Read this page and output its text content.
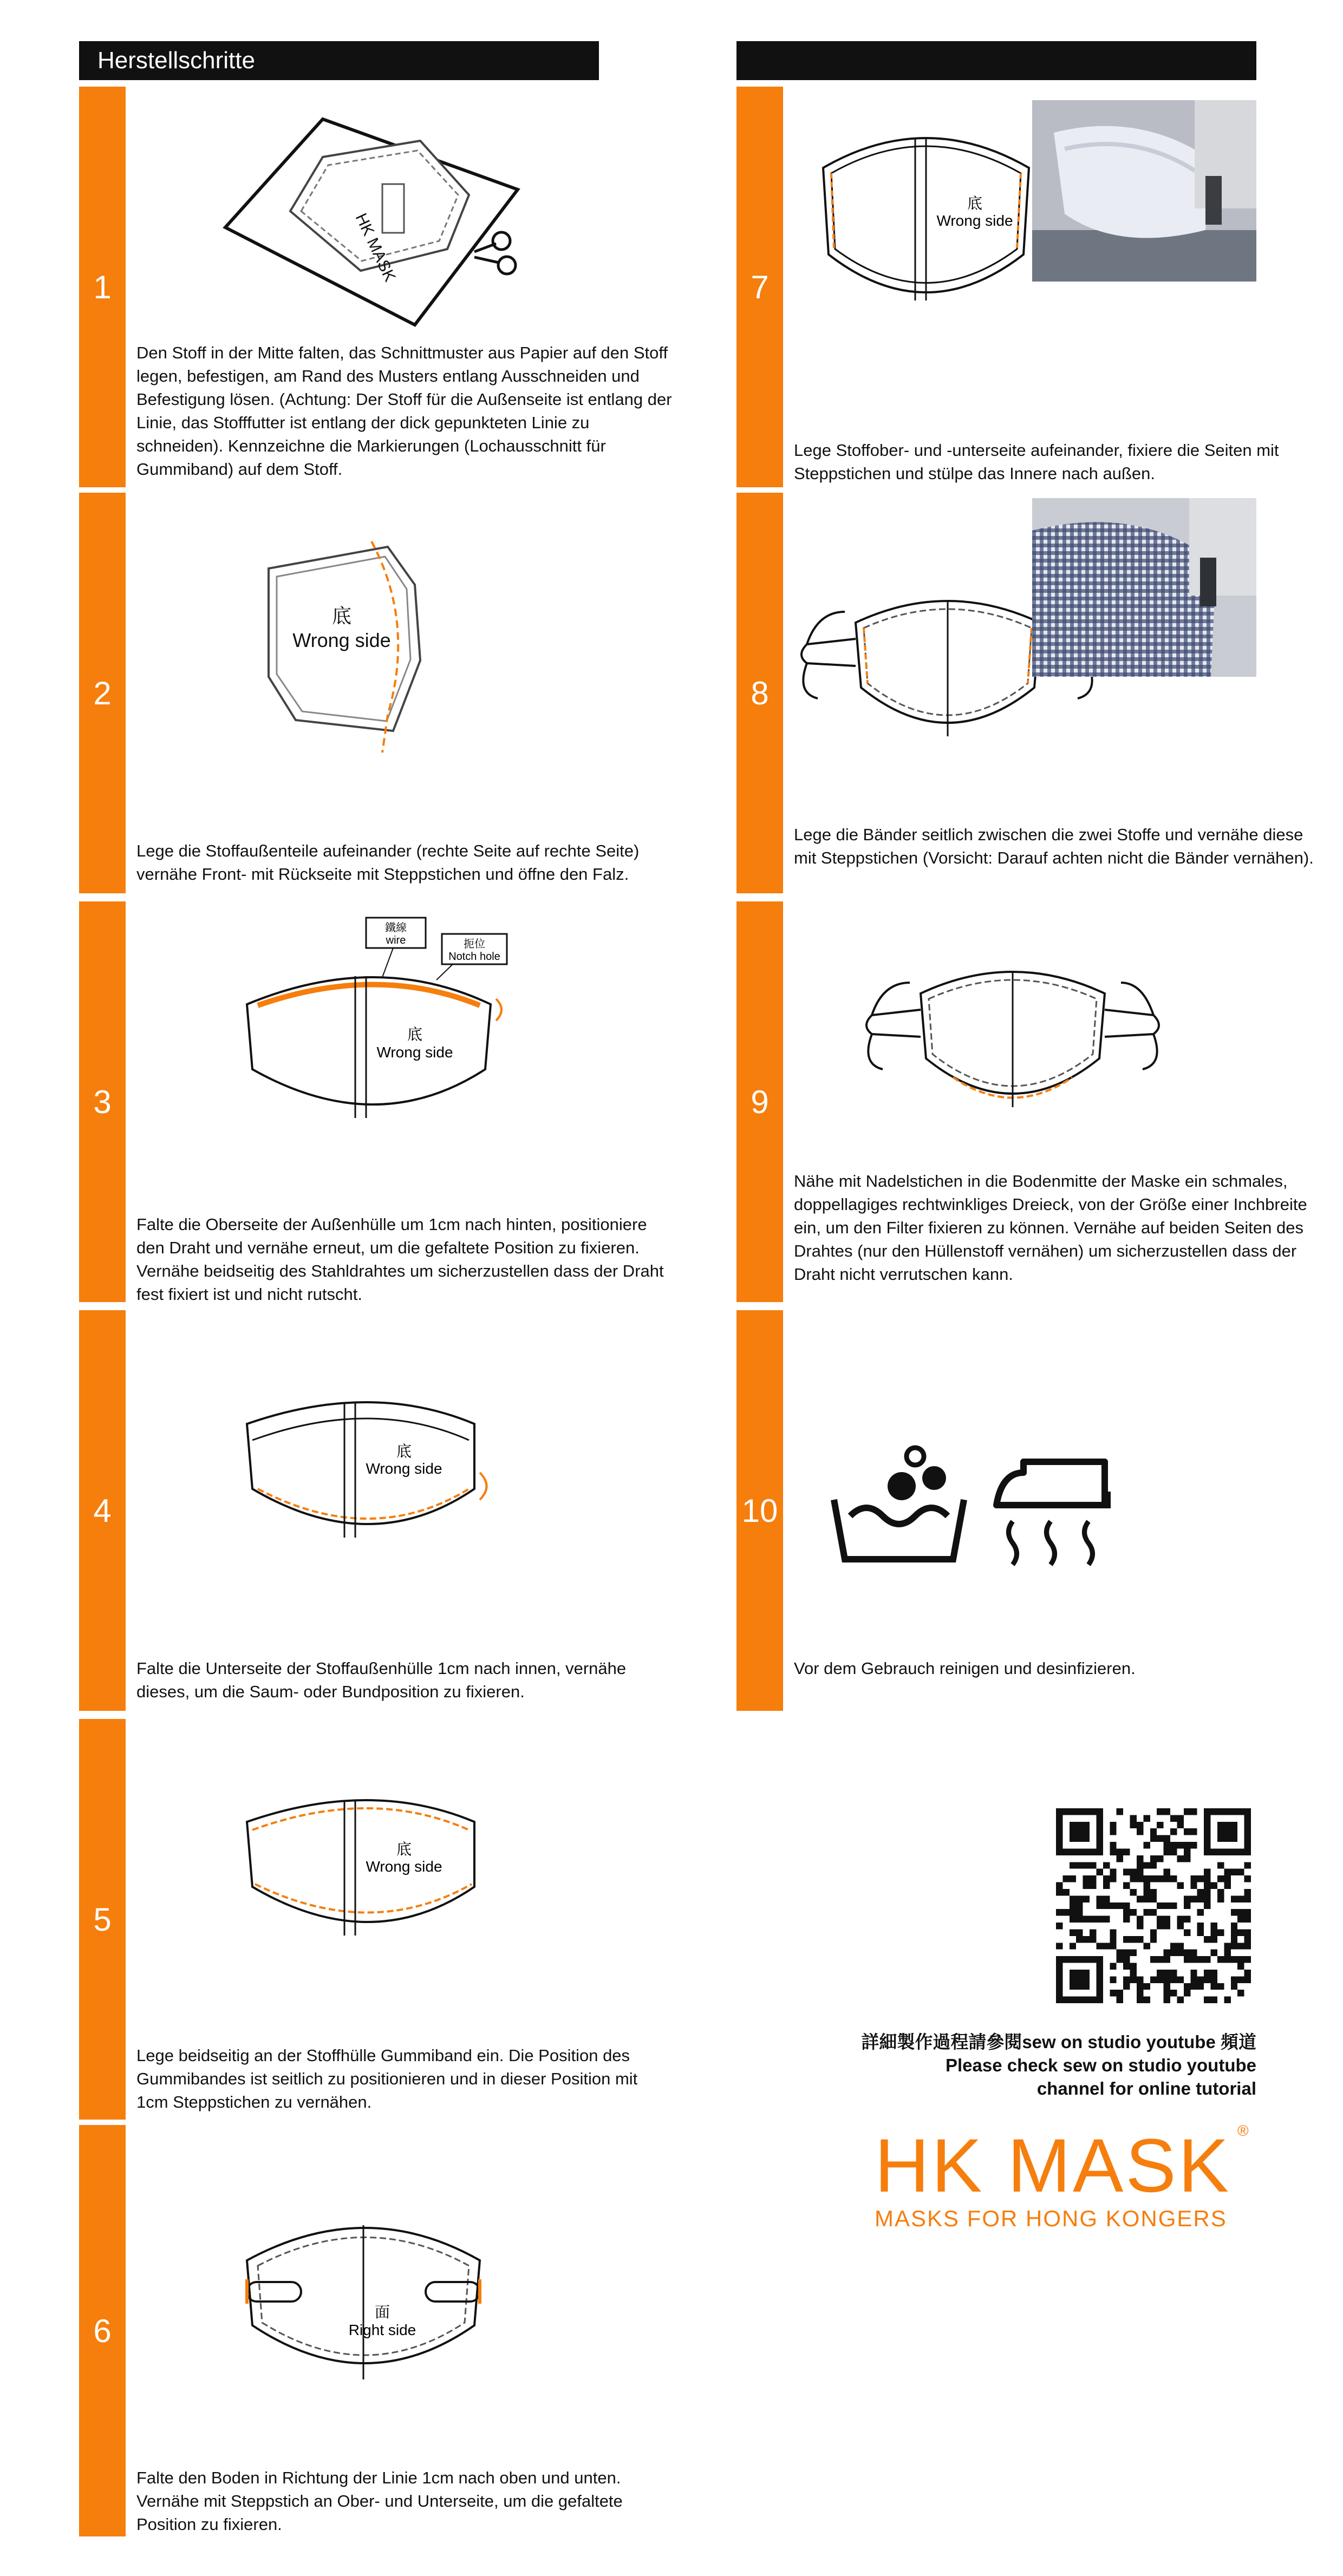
Herstellschritte
1
HK MASK
Den Stoff in der Mitte falten, das Schnittmuster aus Papier auf den Stoff legen, befestigen, am Rand des Musters entlang Ausschneiden und Befestigung lösen. (Achtung: Der Stoff für die Außenseite ist entlang der Linie, das Stofffutter ist entlang der dick gepunkteten Linie zu schneiden). Kennzeichne die Markierungen (Lochausschnitt für Gummiband) auf dem Stoff.
2
底
Wrong side
Lege die Stoffaußenteile aufeinander (rechte Seite auf rechte Seite) vernähe Front- mit Rückseite mit Steppstichen und öffne den Falz.
3
鐵線
wire	扼位
Notch hole
底
Wrong side
Falte die Oberseite der Außenhülle um 1cm nach hinten, positioniere den Draht und vernähe erneut, um die gefaltete Position zu fixieren. Vernähe beidseitig des Stahldrahtes um sicherzustellen dass der Draht fest fixiert ist und nicht rutscht.
4
底
Wrong side
Falte die Unterseite der Stoffaußenhülle 1cm nach innen, vernähe dieses, um die Saum- oder Bundposition zu fixieren.
5
底
Wrong side
Lege beidseitig an der Stoffhülle Gummiband ein. Die Position des Gummibandes ist seitlich zu positionieren und in dieser Position mit 1cm Steppstichen zu vernähen.
6
面
Right side
Falte den Boden in Richtung der Linie 1cm nach oben und unten. Vernähe mit Steppstich an Ober- und Unterseite, um die gefaltete Position zu fixieren.
7
底
Wrong side
Lege Stoffober- und -unterseite aufeinander, fixiere die Seiten mit Steppstichen und stülpe das Innere nach außen.
8
Lege die Bänder seitlich zwischen die zwei Stoffe und vernähe diese mit Steppstichen (Vorsicht: Darauf achten nicht die Bänder vernähen).
9
Nähe mit Nadelstichen in die Bodenmitte der Maske ein schmales, doppellagiges rechtwinkliges Dreieck, von der Größe einer Inchbreite ein, um den Filter fixieren zu können. Vernähe auf beiden Seiten des Drahtes (nur den Hüllenstoff vernähen) um sicherzustellen dass der Draht nicht verrutschen kann.
10
Vor dem Gebrauch reinigen und desinfizieren.
詳細製作過程請參閱sew on studio youtube 頻道
Please check sew on studio youtube
channel for online tutorial
HK MASK
MASKS FOR HONG KONGERS
®
